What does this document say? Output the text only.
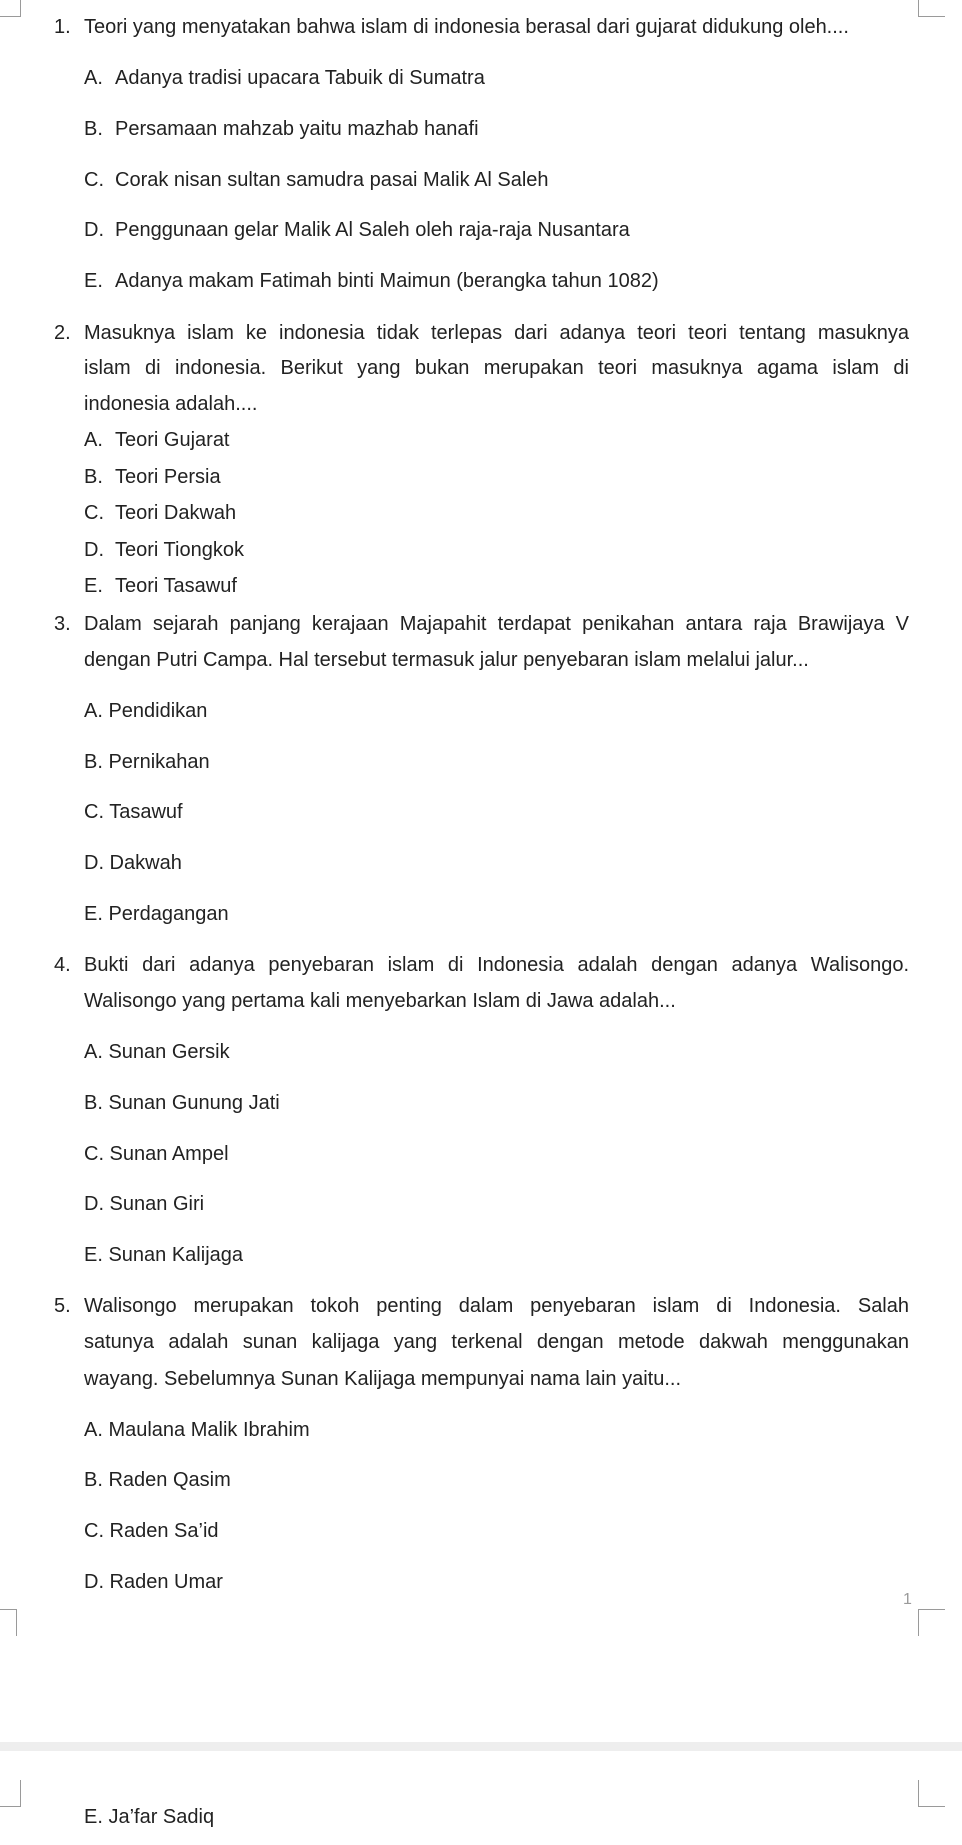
1
1. Teori yang menyatakan bahwa islam di indonesia berasal dari gujarat didukung oleh....
A. Adanya tradisi upacara Tabuik di Sumatra
B. Persamaan mahzab yaitu mazhab hanafi
C. Corak nisan sultan samudra pasai Malik Al Saleh
D. Penggunaan gelar Malik Al Saleh oleh raja-raja Nusantara
E. Adanya makam Fatimah binti Maimun (berangka tahun 1082)
2. Masuknya islam ke indonesia tidak terlepas dari adanya teori teori tentang masuknya
islam di indonesia. Berikut yang bukan merupakan teori masuknya agama islam di
indonesia adalah....
A. Teori Gujarat
B. Teori Persia
C. Teori Dakwah
D. Teori Tiongkok
E. Teori Tasawuf
3. Dalam sejarah panjang kerajaan Majapahit terdapat penikahan antara raja Brawijaya V
dengan Putri Campa. Hal tersebut termasuk jalur penyebaran islam melalui jalur...
A. Pendidikan
B. Pernikahan
C. Tasawuf
D. Dakwah
E. Perdagangan
4. Bukti dari adanya penyebaran islam di Indonesia adalah dengan adanya Walisongo.
Walisongo yang pertama kali menyebarkan Islam di Jawa adalah...
A. Sunan Gersik
B. Sunan Gunung Jati
C. Sunan Ampel
D. Sunan Giri
E. Sunan Kalijaga
5. Walisongo merupakan tokoh penting dalam penyebaran islam di Indonesia. Salah
satunya adalah sunan kalijaga yang terkenal dengan metode dakwah menggunakan
wayang. Sebelumnya Sunan Kalijaga mempunyai nama lain yaitu...
A. Maulana Malik Ibrahim
B. Raden Qasim
C. Raden Sa’id
D. Raden Umar
E. Ja’far Sadiq
